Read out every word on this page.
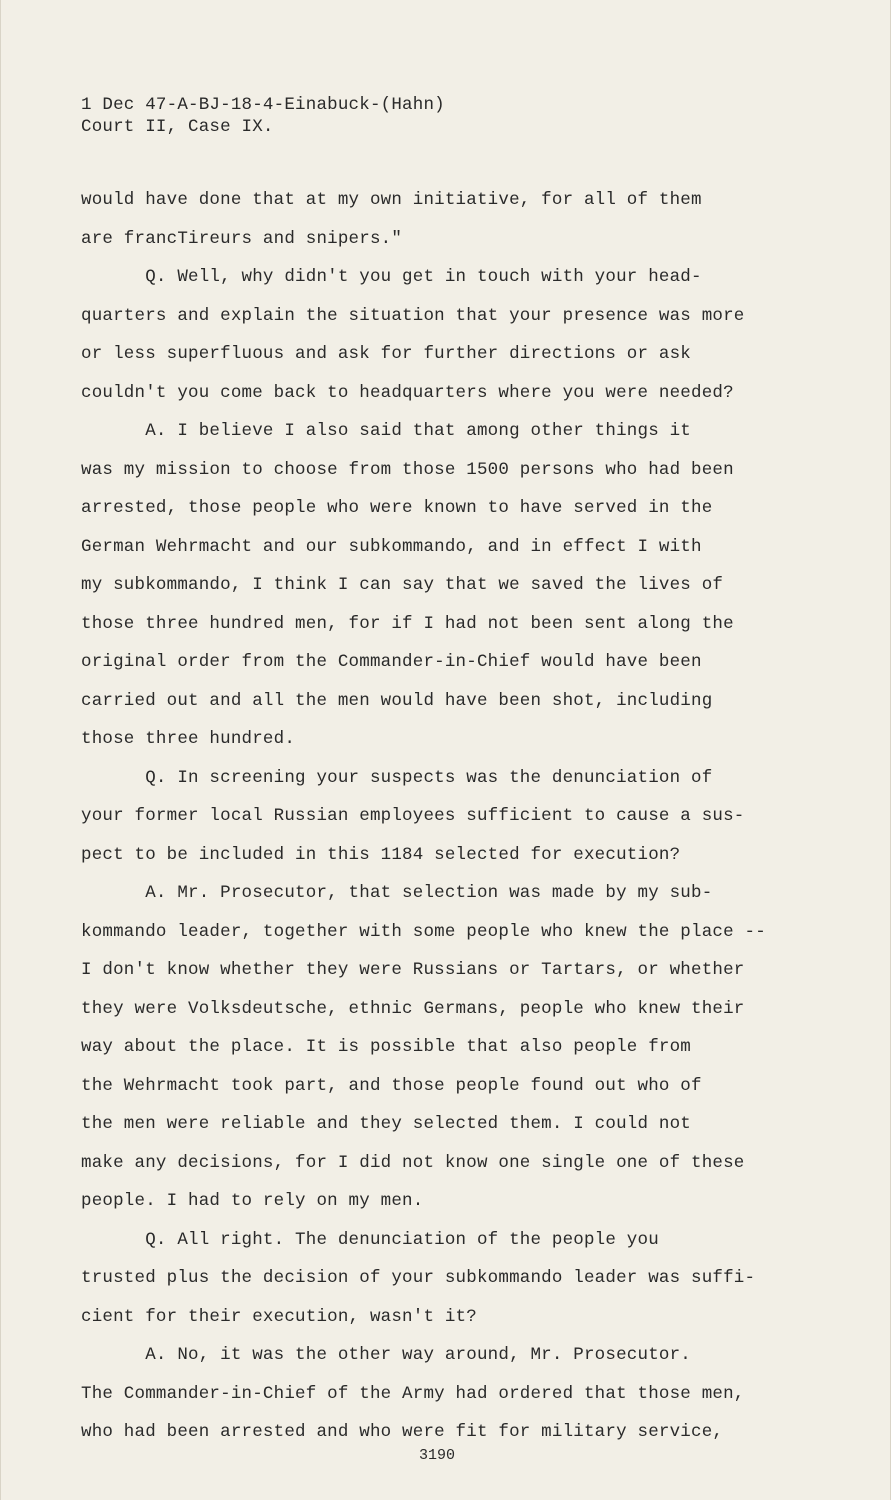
1 Dec 47-A-BJ-18-4-Einabuck-(Hahn)
Court II, Case IX.
would have done that at my own initiative, for all of them
are francTireurs and snipers."
Q. Well, why didn't you get in touch with your head-
quarters and explain the situation that your presence was more
or less superfluous and ask for further directions or ask
couldn't you come back to headquarters where you were needed?
A. I believe I also said that among other things it
was my mission to choose from those 1500 persons who had been
arrested, those people who were known to have served in the
German Wehrmacht and our subkommando, and in effect I with
my subkommando, I think I can say that we saved the lives of
those three hundred men, for if I had not been sent along the
original order from the Commander-in-Chief would have been
carried out and all the men would have been shot, including
those three hundred.
Q. In screening your suspects was the denunciation of
your former local Russian employees sufficient to cause a sus-
pect to be included in this 1184 selected for execution?
A. Mr. Prosecutor, that selection was made by my sub-
kommando leader, together with some people who knew the place --
I don't know whether they were Russians or Tartars, or whether
they were Volksdeutsche, ethnic Germans, people who knew their
way about the place. It is possible that also people from
the Wehrmacht took part, and those people found out who of
the men were reliable and they selected them. I could not
make any decisions, for I did not know one single one of these
people. I had to rely on my men.
Q. All right. The denunciation of the people you
trusted plus the decision of your subkommando leader was suffi-
cient for their execution, wasn't it?
A. No, it was the other way around, Mr. Prosecutor.
The Commander-in-Chief of the Army had ordered that those men,
who had been arrested and who were fit for military service,
3190
